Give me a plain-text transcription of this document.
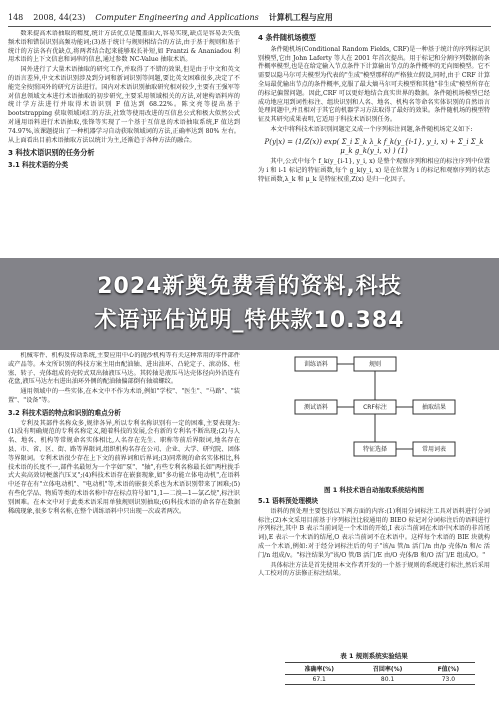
148 2008, 44(23) Computer Engineering and Applications 计算机工程与应用

数来提高术语抽取的精度,统计方法优点是覆盖面大,容易实现,缺点是容易丢失低频术语和错误识别高频功能词;(3)基于统计与规则相结合的方法,由于基于规则和基于统计的方法各有优缺点,将两者结合起来能够取长补短,如 Frantzi & Ananiadou 利用术语的上下文信息和词串的信息,通过参数 NC-Value 抽取术语。

国外进行了大量术语抽取的研究工作,并取得了不错的效果,但是由于中文和英文的语言差异,中文术语识别涉及到分词和新词识别等问题,要比英文困难很多,决定了不能完全按照国外的研究方法进行。国内对术语识别抽取研究相对较少,主要有王强军等对信息领域文本进行术语抽取的初步研究,主要采用领域相关的方法,对建构语料库的统计学方法进行并取得术语识别 F 值达到 68.22%。陈文亮等提出基于 bootstrapping 获取领域词汇的方法,社致等使用改进的互信息公式和极大似然公式对通用语料进行术语抽取,张锋等实现了一个基于互信息的术语抽取系统,F 值达到 74.97%,该课题提出了一种机器学习自动获取领域词的方法,正确率达到 80% 左右。从上面看出目前术语抽取方法以统计为主,还渐趋于各种方法的融合。

3 科技术语识别的任务分析
3.1 科技术语的分类

机械零件、机构及传动系统,主要应用中心的抛沙机构等有关这种常用的零件部件或产品等。本文所识别的科技方案主用由配油轴、进出油环、凸轮定子、滚动体、柱塞、转子、壳体组成的壳转式双出轴液压马达。其转轴是液压马达壳体径向外沿连有花盘,液压马达左右进出油环外侧的配油轴偏部倒有轴端螺纹。

通用领域中的一些实体,在本文中不作为术语,例如"学校"、"医生"、"马路"、"装置"、"设备"等。

3.2 科技术语的特点和识别的难点分析

专利及其部件名称众多,规律各异,所以专利名称识别有一定的困难,主要表现为:(1)没有明确规范的专利名称定义,随着科技的发展,会有新的专利名不断出现;(2)与人名、地名、机构等常规命名实体相比,人名存在先生、职称等前后界限词,地名存在县、市、省、区、街、路等界限词,组织机构名存在公司、企业、大学、研究院、团体等界限词。专利术语很少存在上下文的前界词和后界词;(3)同常规的命名实体相比,科技术语的长度不一,部件名最短为一个字如"泵"、"轴",有些专利名称最长如"两柱拢手式大卖高效切梗蒸汽压叉";(4)科技术语存在嵌套现象,如"多功能立体电动机",在语料中还存在有"立体电动机"、"电动机"等,术语的嵌套关系也为术语识别带来了困难;(5)有些化学品、物质等类的术语名称中存在标点符号如"1,1—二溴—1—氯乙烷",标注识别困难。在本文中对于此类术语采用单独规则识别抽取;(6)科技术语的命名存在数据稀疏现象,很多专利名称,在整个训练语料中只出现一次或者两次。

4 条件随机场模型

条件随机场(Conditional Random Fields, CRF)是一种基于统计的序列标记识别模型,它由 John Laferty 等人在 2001 年首次提出。用于标记和分割序列数据的条件概率模型,也是在给定输入节点条件下计算输出节点的条件概率的无向图模型。它不需要以隐马尔可夫模型为代表的"生成"模型那样的严格独立假设,同时,由于 CRF 计算全局最优输出节点的条件概率,克服了最大熵马尔可夫模型和其他"非生成"模型所存在的标记偏置问题。因此,CRF 可以更好地结合真实世界的数据。条件随机场模型已经成功地应用到词性标注、组块识别和人名、地名、机构名等命名实体识别的自然语言处理问题中,并且相对于其它的机器学习方法取得了最好的效果。条件随机场的模型特征及其研究成果表明,它适用于科技术语识别任务。

本文中将科技术语识别问题定义成一个序列标注问题,条件随机场定义如下:

P(y|x) = (1/Z(x)) exp( Σ_i Σ_k λ_k f_k(y_{i-1}, y_i, x) + Σ_i Σ_k μ_k g_k(y_i, x) ) (1)

其中,公式中每个 f_k(y_{i-1}, y_i, x) 是整个观察序列和相应的标注序列中位置为 i 和 i-1 标记的特征函数,每个 g_k(y_i, x) 是在位置为 i 的标记和观察序列的状态特征函数,λ_k 和 μ_k 是特征权重,Z(x) 是归一化因子。

2024新奥免费看的资料,科技
术语评估说明_特供款10.384
训练语料	规则
CRF标注	抽取结果
测试语料
特征选择	常用词表
图 1 科技术语自动抽取系统结构图
5.1 语料预处理模块

语料的预处理主要包括以下两方面的内容:(1)利用分词标注工具对语料进行分词标注;(2)本文采用目前基于序列标注比较通用的 BIEO 标记对分词标注后的语料进行序列标注,其中 B 表示当前词是一个术语的开始,I 表示当前词在术语中(术语的非首尾词),E 表示一个术语的结尾,O 表示当前词不在术语中。这样每个术语的 BIE 块就构成一个术语,例如:对于经分词标注后的句子"该/u 管/n 活门/n 由/p 壳体/n 和/c 活门/n 组成/v。"标注结果为"该/O 管/B 活门/E 由/O 壳体/B 和/O 活门/E 组成/O。"

具体标注方法是首先使用本文作者开发的一个基于规则的系统进行标注,然后采用人工校对的方法修正标注结果。

表 1 规则系统实验结果
准确率(%)	召回率(%)	F值(%)
67.1	80.1	73.0
